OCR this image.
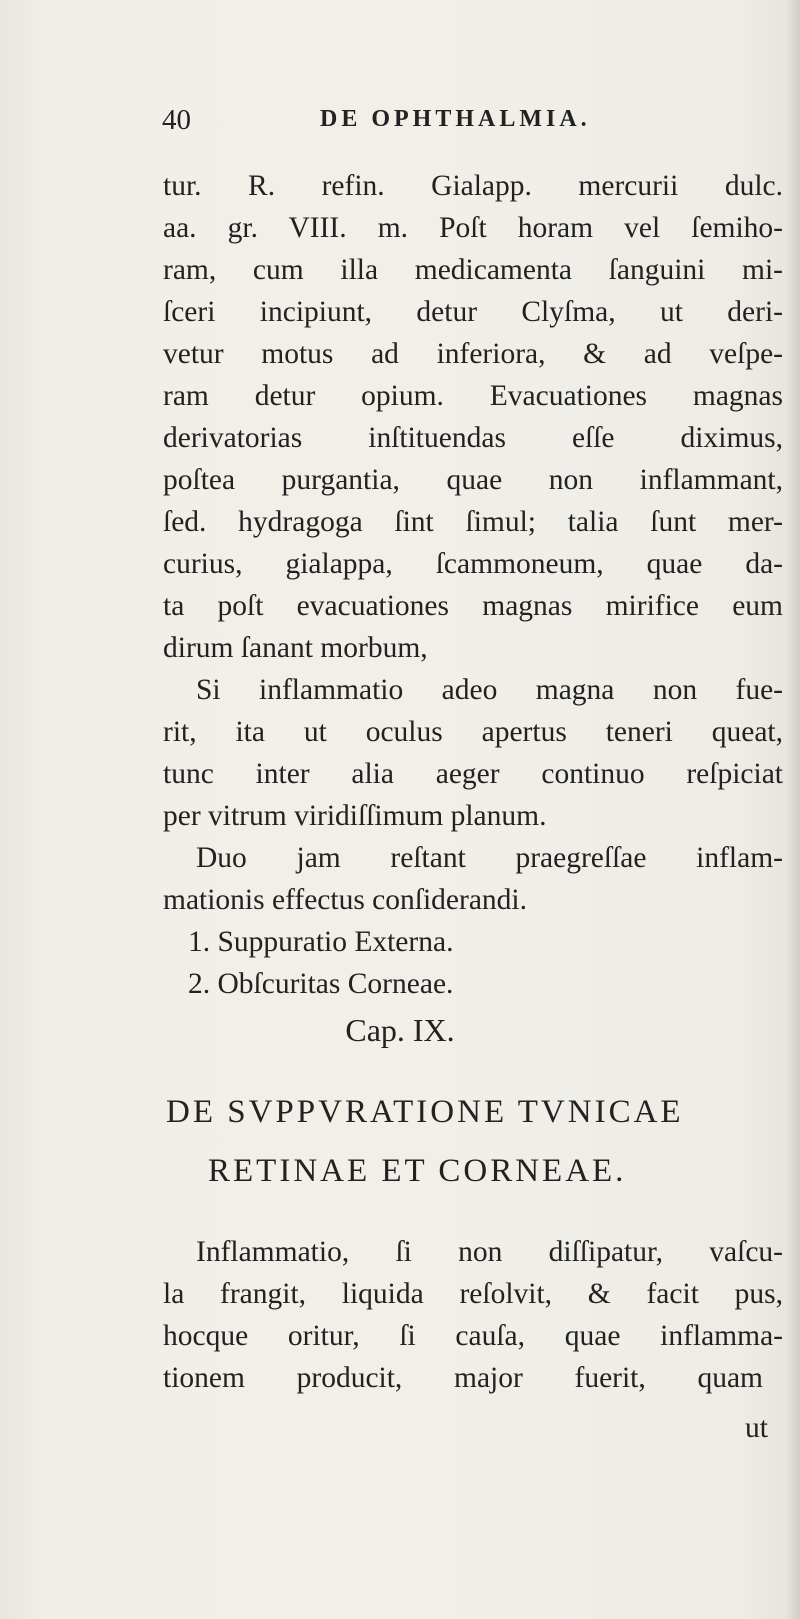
40	DE OPHTHALMIA.
tur. R. refin. Gialapp. mercurii dulc.
aa. gr. VIII. m. Poſt horam vel ſemiho-
ram, cum illa medicamenta ſanguini mi-
ſceri incipiunt, detur Clyſma, ut deri-
vetur motus ad inferiora, & ad veſpe-
ram detur opium. Evacuationes magnas
derivatorias inſtituendas eſſe diximus,
poſtea purgantia, quae non inflammant,
ſed. hydragoga ſint ſimul; talia ſunt mer-
curius, gialappa, ſcammoneum, quae da-
ta poſt evacuationes magnas mirifice eum
dirum ſanant morbum,
Si inflammatio adeo magna non fue-
rit, ita ut oculus apertus teneri queat,
tunc inter alia aeger continuo reſpiciat
per vitrum viridiſſimum planum.
Duo jam reſtant praegreſſae inflam-
mationis effectus conſiderandi.
1. Suppuratio Externa.
2. Obſcuritas Corneae.
Cap. IX.
DE SVPPVRATIONE TVNICAE
RETINAE ET CORNEAE.
Inflammatio, ſi non diſſipatur, vaſcu-
la frangit, liquida reſolvit, & facit pus,
hocque oritur, ſi cauſa, quae inflamma-
tionem producit, major fuerit, quam
ut
